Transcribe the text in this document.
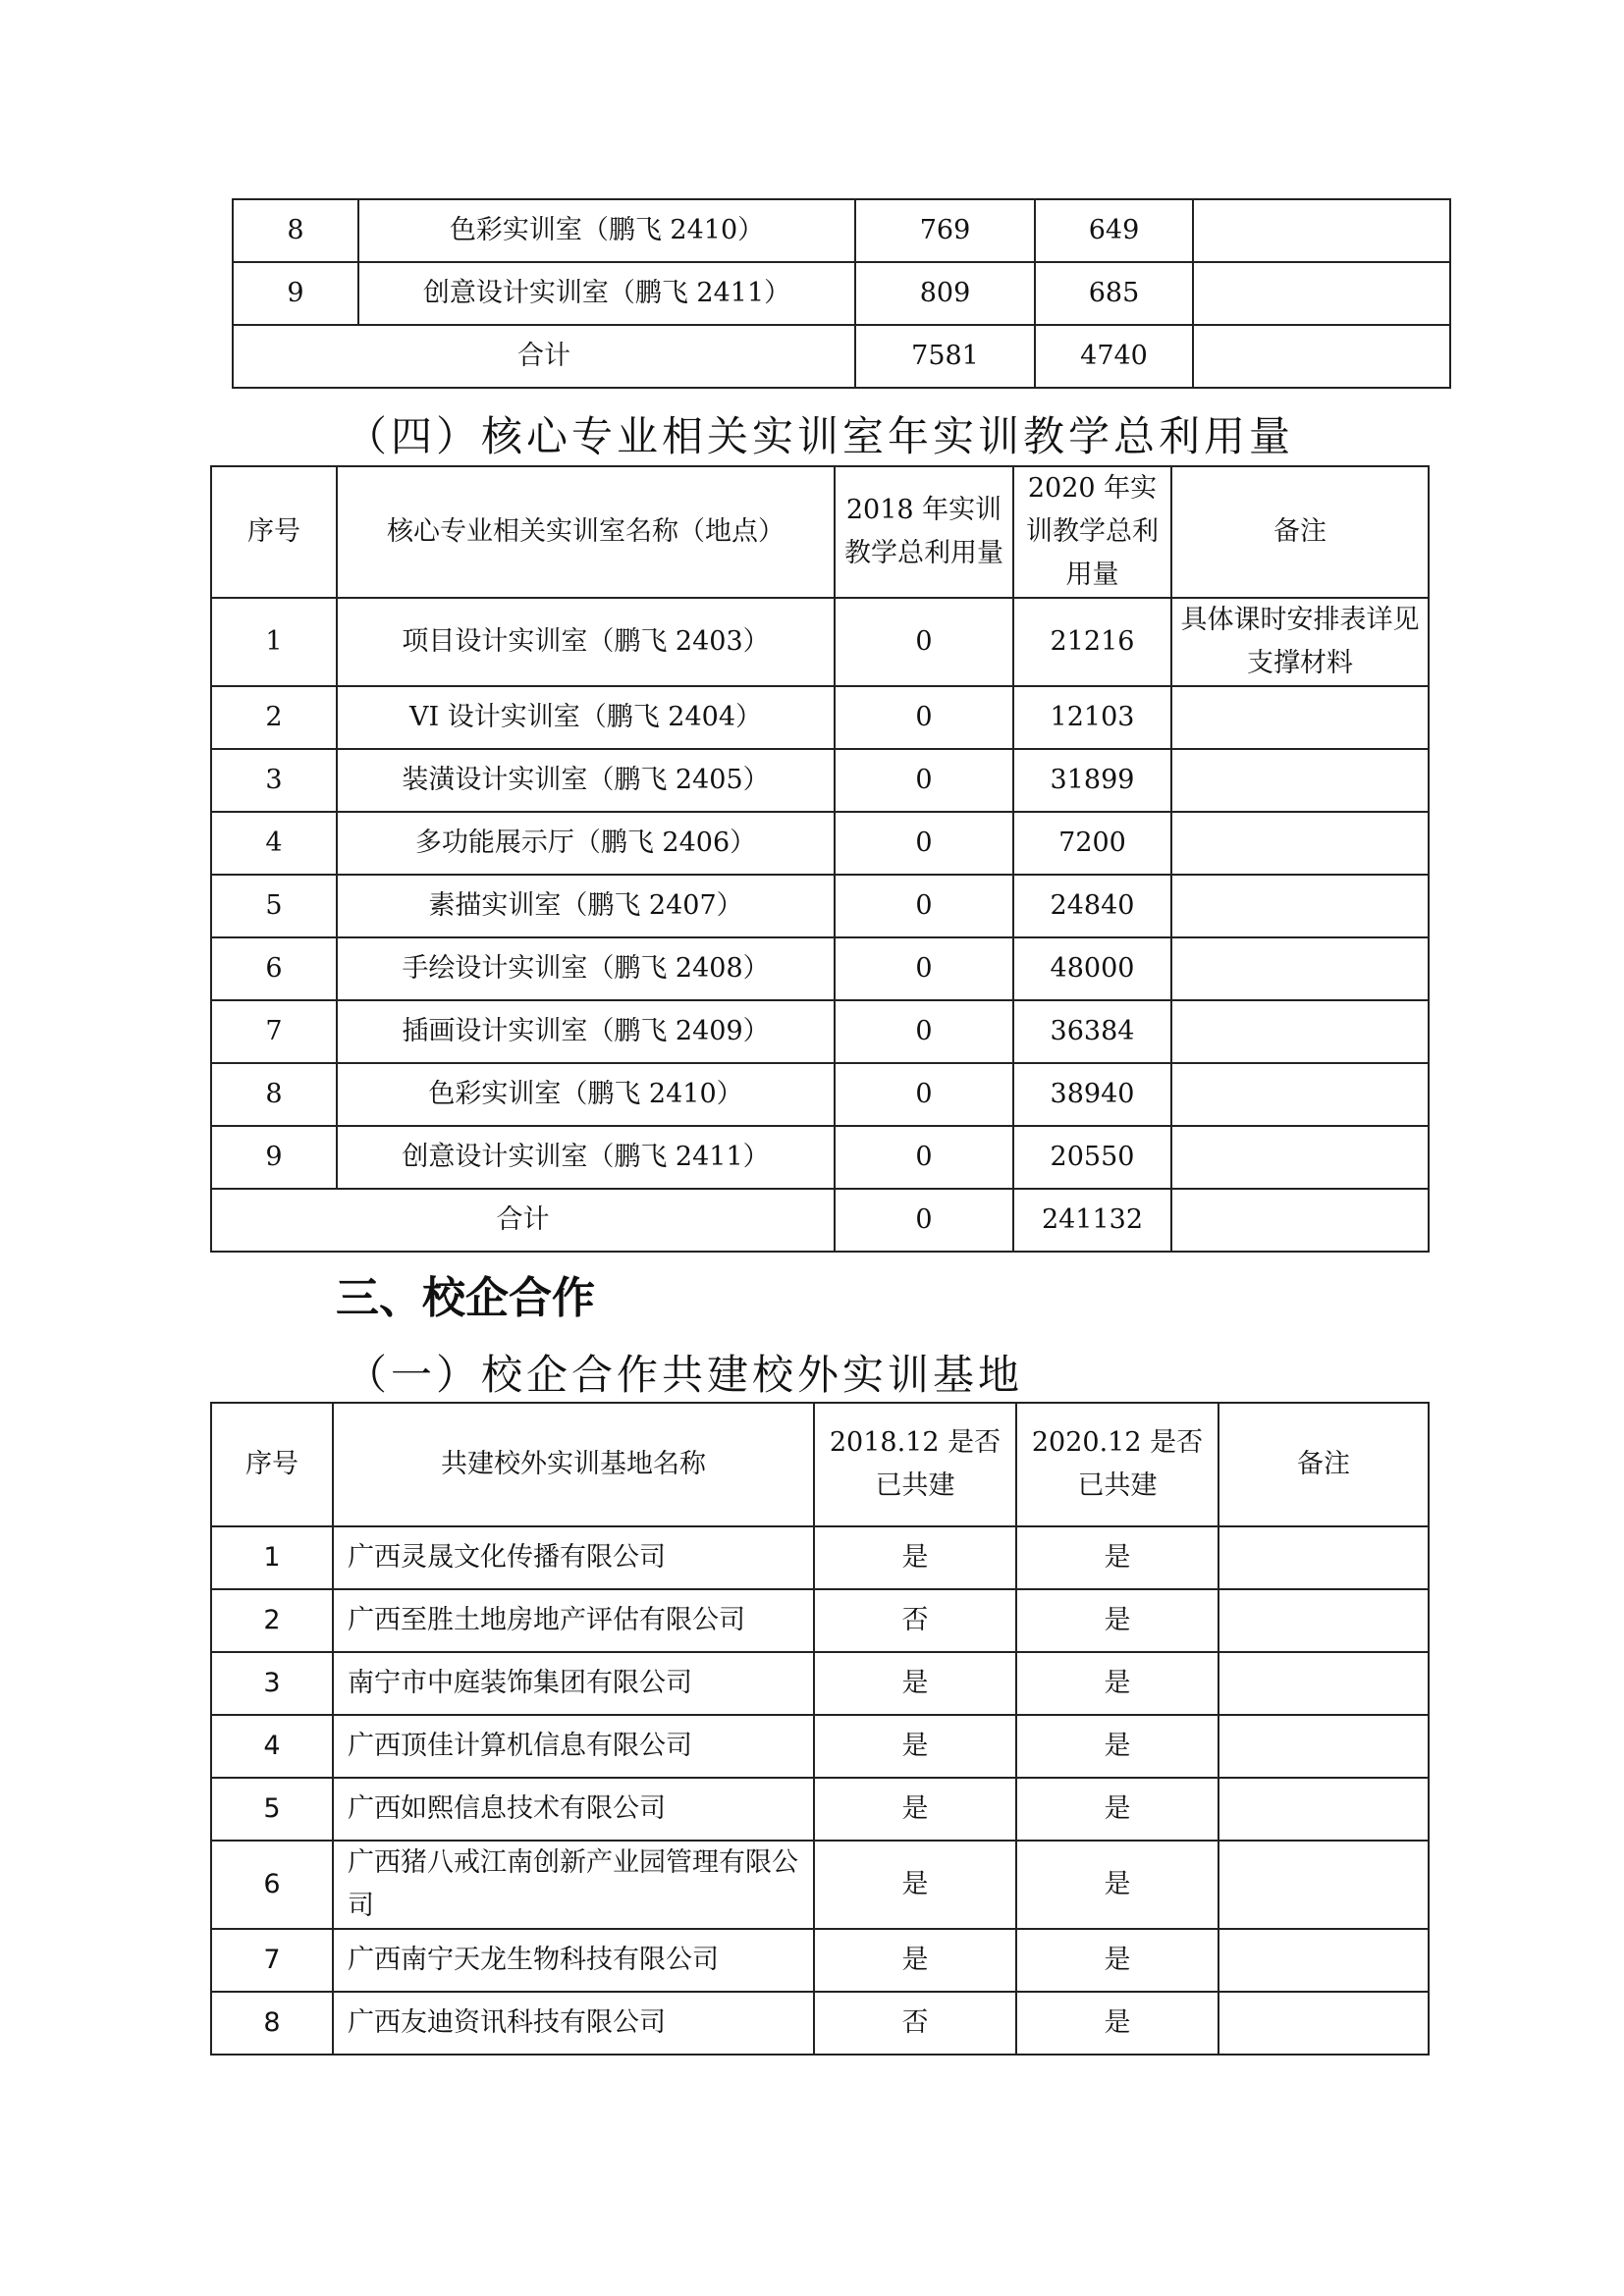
8	色彩实训室（鹏飞 2410）	769	649	
9	创意设计实训室（鹏飞 2411）	809	685	
合计		7581	4740	
（四）核心专业相关实训室年实训教学总利用量
序号	核心专业相关实训室名称（地点）	2018 年实训教学总利用量	2020 年实训教学总利用量	备注
1	项目设计实训室（鹏飞 2403）	0	21216	具体课时安排表详见支撑材料
2	VI 设计实训室（鹏飞 2404）	0	12103	
3	装潢设计实训室（鹏飞 2405）	0	31899	
4	多功能展示厅（鹏飞 2406）	0	7200	
5	素描实训室（鹏飞 2407）	0	24840	
6	手绘设计实训室（鹏飞 2408）	0	48000	
7	插画设计实训室（鹏飞 2409）	0	36384	
8	色彩实训室（鹏飞 2410）	0	38940	
9	创意设计实训室（鹏飞 2411）	0	20550	
合计		0	241132	
三、校企合作
（一）校企合作共建校外实训基地
序号	共建校外实训基地名称	2018.12 是否已共建	2020.12 是否已共建	备注
1	广西灵晟文化传播有限公司	是	是	
2	广西至胜土地房地产评估有限公司	否	是	
3	南宁市中庭装饰集团有限公司	是	是	
4	广西顶佳计算机信息有限公司	是	是	
5	广西如熙信息技术有限公司	是	是	
6	广西猪八戒江南创新产业园管理有限公司	是	是	
7	广西南宁天龙生物科技有限公司	是	是	
8	广西友迪资讯科技有限公司	否	是	
